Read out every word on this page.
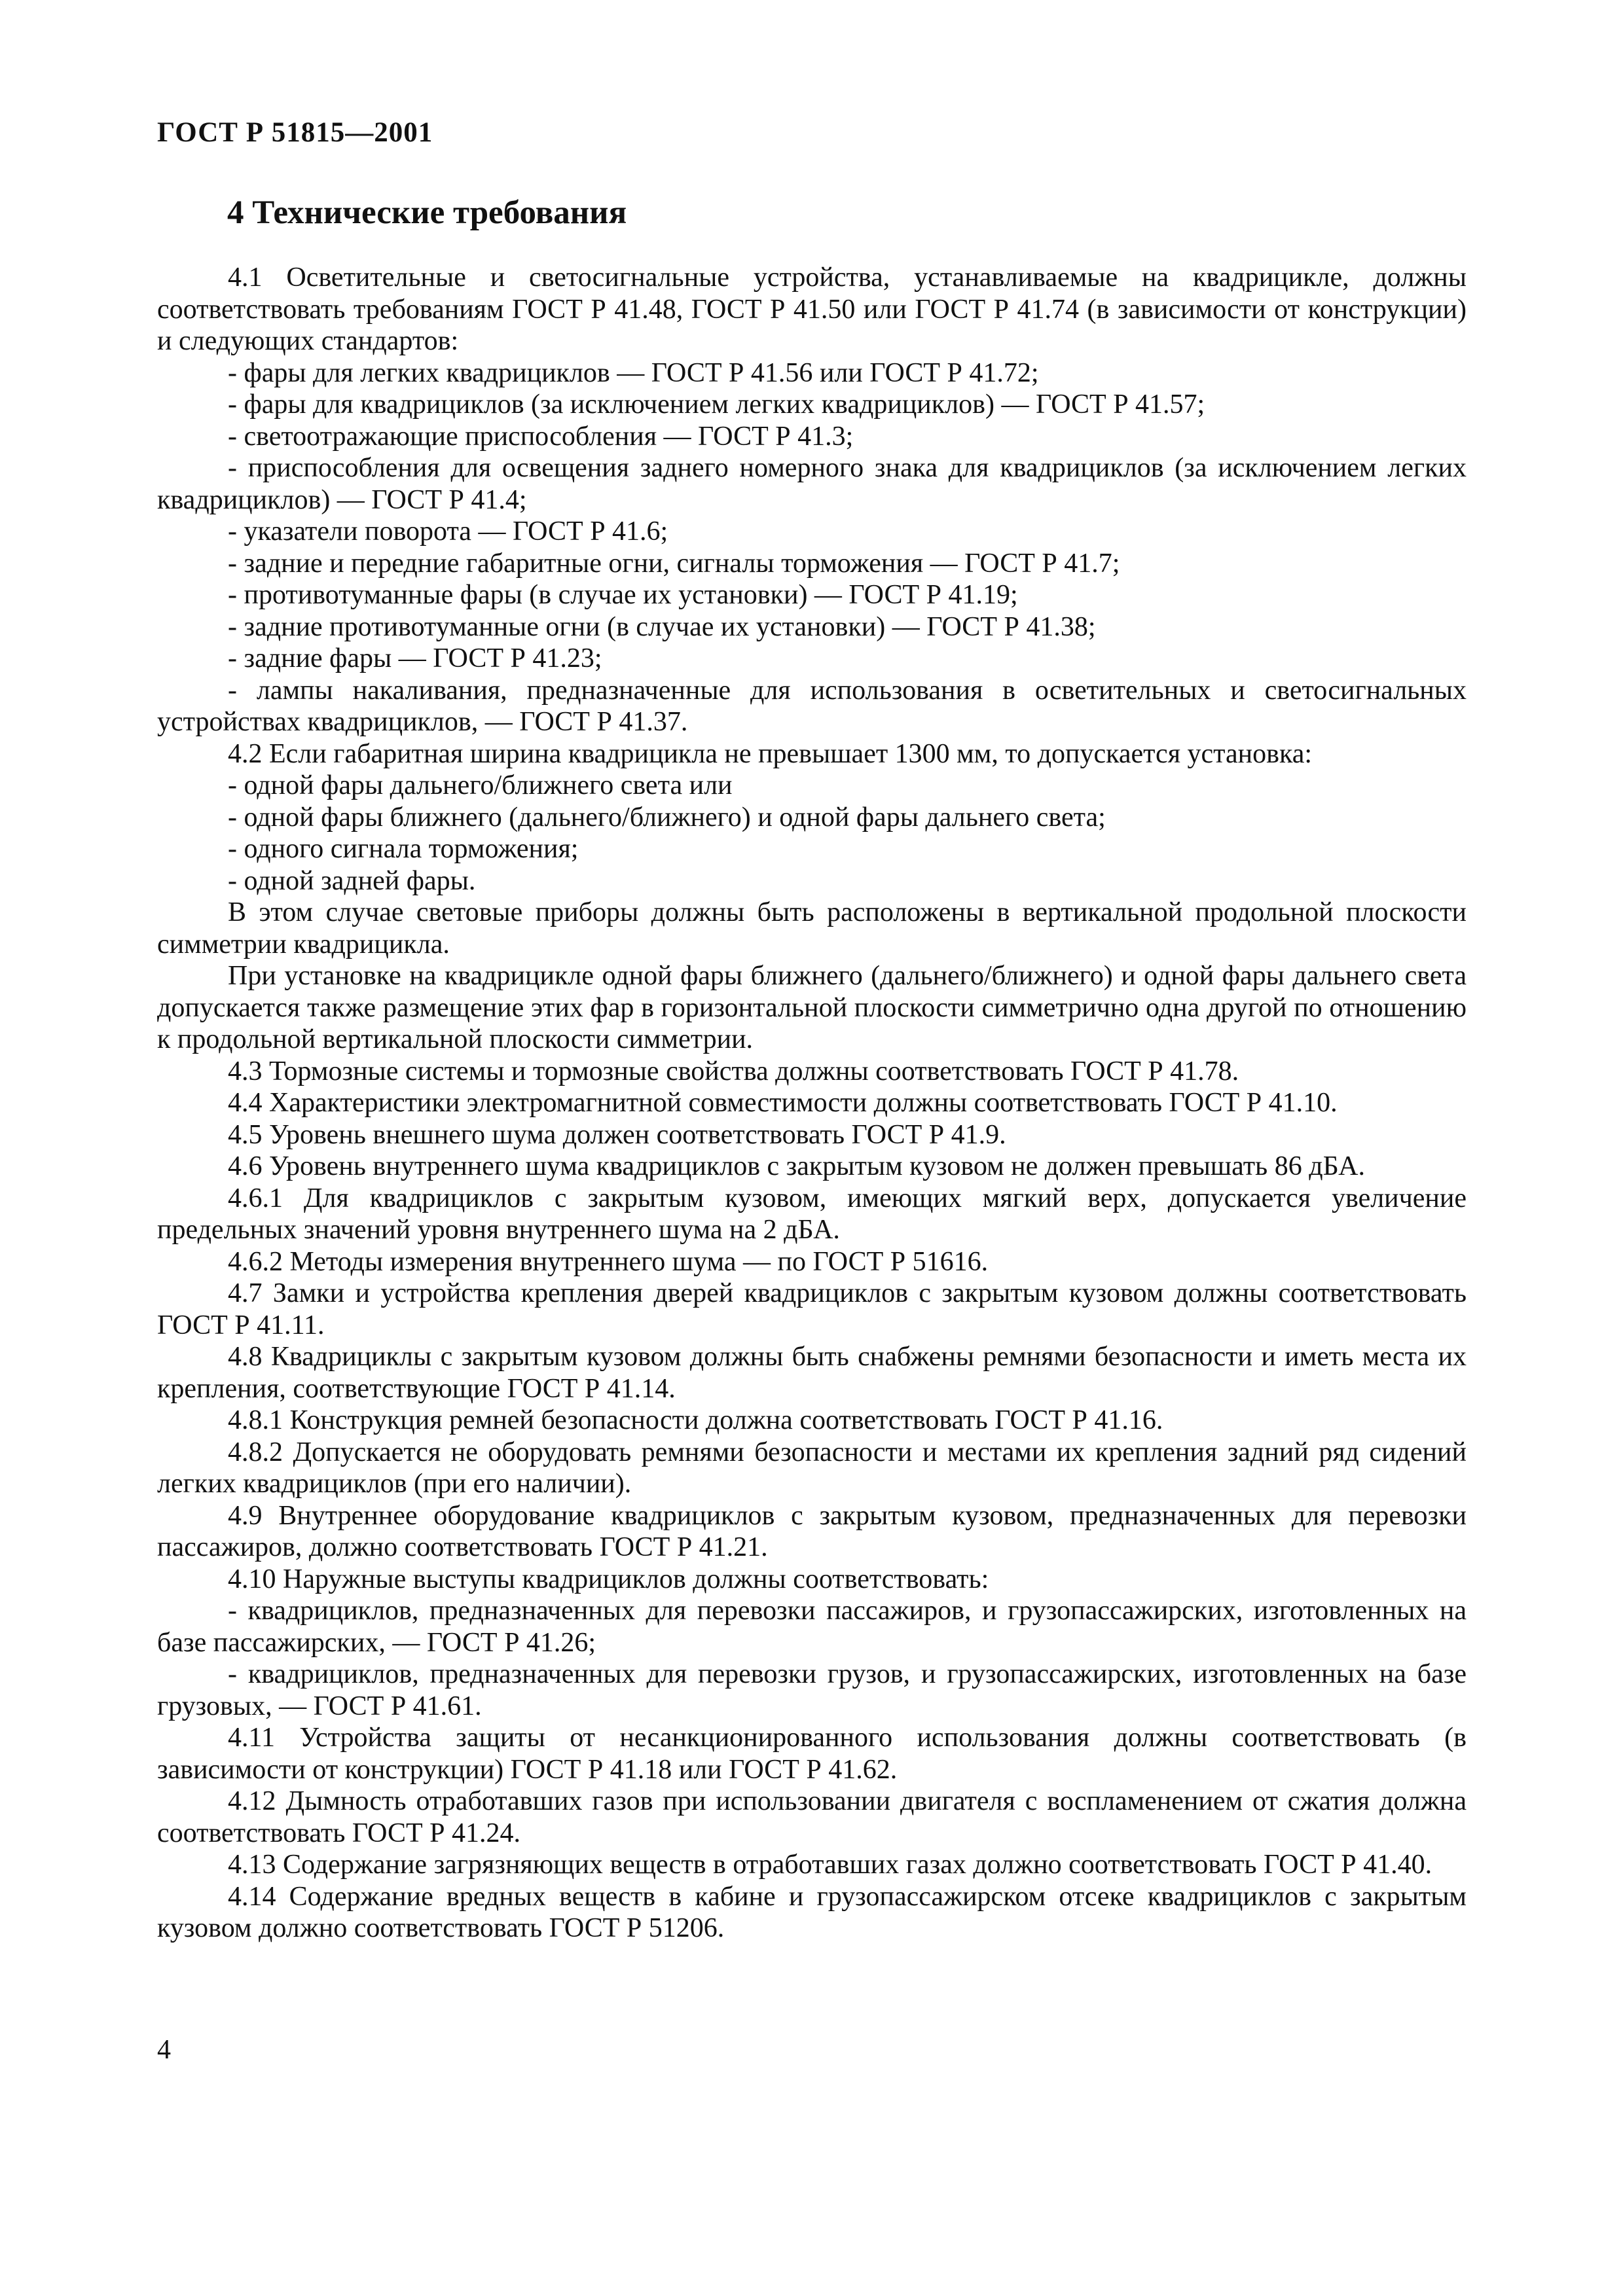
ГОСТ Р 51815—2001
4 Технические требования

4.1 Осветительные и светосигнальные устройства, устанавливаемые на квадрицикле, должны соответствовать требованиям ГОСТ Р 41.48, ГОСТ Р 41.50 или ГОСТ Р 41.74 (в зависимости от конструкции) и следующих стандартов:

- фары для легких квадрициклов — ГОСТ Р 41.56 или ГОСТ Р 41.72;

- фары для квадрициклов (за исключением легких квадрициклов) — ГОСТ Р 41.57;

- светоотражающие приспособления — ГОСТ Р 41.3;

- приспособления для освещения заднего номерного знака для квадрициклов (за исключением легких квадрициклов) — ГОСТ Р 41.4;

- указатели поворота — ГОСТ Р 41.6;

- задние и передние габаритные огни, сигналы торможения — ГОСТ Р 41.7;

- противотуманные фары (в случае их установки) — ГОСТ Р 41.19;

- задние противотуманные огни (в случае их установки) — ГОСТ Р 41.38;

- задние фары — ГОСТ Р 41.23;

- лампы накаливания, предназначенные для использования в осветительных и светосигнальных устройствах квадрициклов, — ГОСТ Р 41.37.

4.2 Если габаритная ширина квадрицикла не превышает 1300 мм, то допускается установка:

- одной фары дальнего/ближнего света или

- одной фары ближнего (дальнего/ближнего) и одной фары дальнего света;

- одного сигнала торможения;

- одной задней фары.

В этом случае световые приборы должны быть расположены в вертикальной продольной плоскости симметрии квадрицикла.

При установке на квадрицикле одной фары ближнего (дальнего/ближнего) и одной фары дальнего света допускается также размещение этих фар в горизонтальной плоскости симметрично одна другой по отношению к продольной вертикальной плоскости симметрии.

4.3 Тормозные системы и тормозные свойства должны соответствовать ГОСТ Р 41.78.

4.4 Характеристики электромагнитной совместимости должны соответствовать ГОСТ Р 41.10.

4.5 Уровень внешнего шума должен соответствовать ГОСТ Р 41.9.

4.6 Уровень внутреннего шума квадрициклов с закрытым кузовом не должен превышать 86 дБА.

4.6.1 Для квадрициклов с закрытым кузовом, имеющих мягкий верх, допускается увеличение предельных значений уровня внутреннего шума на 2 дБА.

4.6.2 Методы измерения внутреннего шума — по ГОСТ Р 51616.

4.7 Замки и устройства крепления дверей квадрициклов с закрытым кузовом должны соответствовать ГОСТ Р 41.11.

4.8 Квадрициклы с закрытым кузовом должны быть снабжены ремнями безопасности и иметь места их крепления, соответствующие ГОСТ Р 41.14.

4.8.1 Конструкция ремней безопасности должна соответствовать ГОСТ Р 41.16.

4.8.2 Допускается не оборудовать ремнями безопасности и местами их крепления задний ряд сидений легких квадрициклов (при его наличии).

4.9 Внутреннее оборудование квадрициклов с закрытым кузовом, предназначенных для перевозки пассажиров, должно соответствовать ГОСТ Р 41.21.

4.10 Наружные выступы квадрициклов должны соответствовать:

- квадрициклов, предназначенных для перевозки пассажиров, и грузопассажирских, изготовленных на базе пассажирских, — ГОСТ Р 41.26;

- квадрициклов, предназначенных для перевозки грузов, и грузопассажирских, изготовленных на базе грузовых, — ГОСТ Р 41.61.

4.11 Устройства защиты от несанкционированного использования должны соответствовать (в зависимости от конструкции) ГОСТ Р 41.18 или ГОСТ Р 41.62.

4.12 Дымность отработавших газов при использовании двигателя с воспламенением от сжатия должна соответствовать ГОСТ Р 41.24.

4.13 Содержание загрязняющих веществ в отработавших газах должно соответствовать ГОСТ Р 41.40.

4.14 Содержание вредных веществ в кабине и грузопассажирском отсеке квадрициклов с закрытым кузовом должно соответствовать ГОСТ Р 51206.

4
